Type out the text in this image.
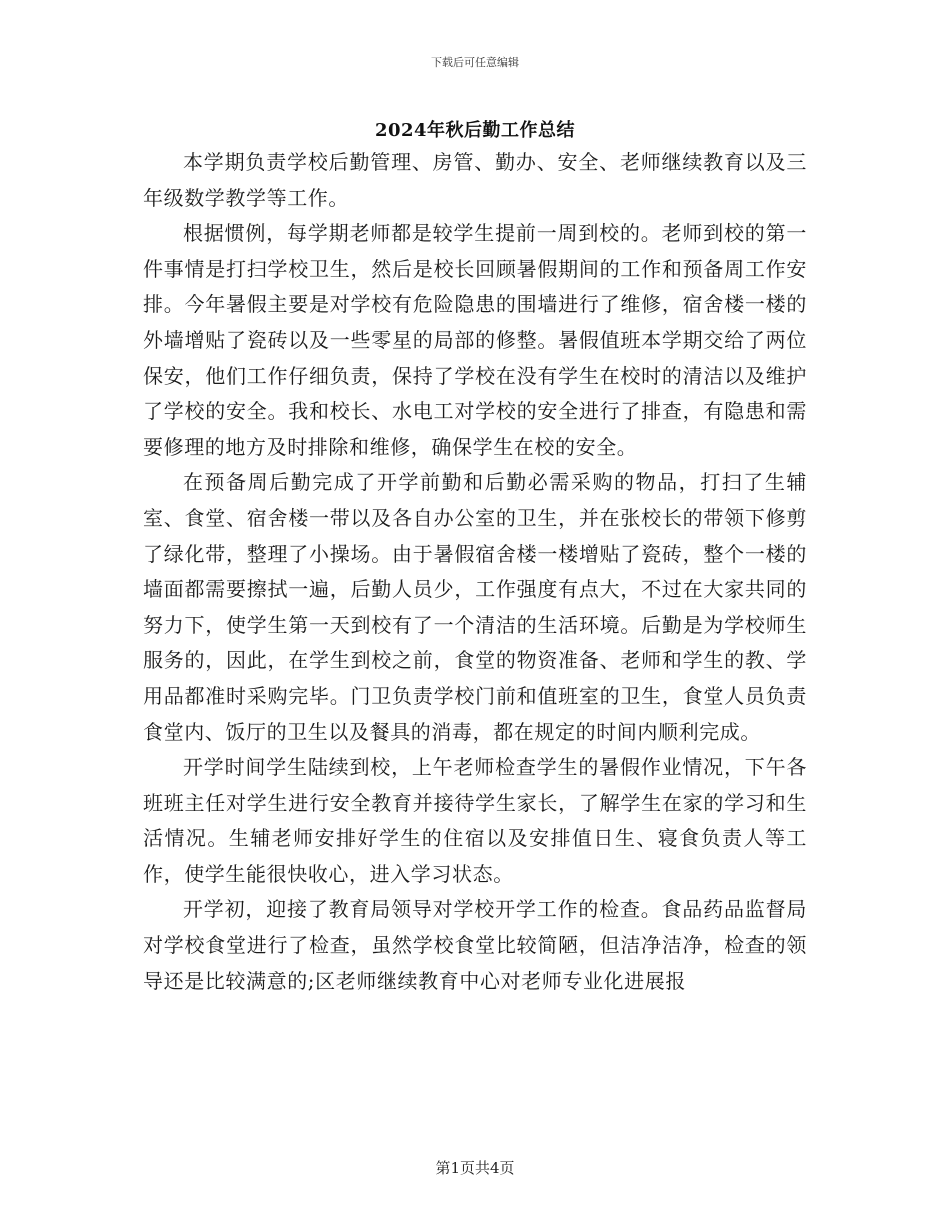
下载后可任意编辑
2024年秋后勤工作总结

本学期负责学校后勤管理、房管、勤办、安全、老师继续教育以及三年级数学教学等工作。

根据惯例，每学期老师都是较学生提前一周到校的。老师到校的第一件事情是打扫学校卫生，然后是校长回顾暑假期间的工作和预备周工作安排。今年暑假主要是对学校有危险隐患的围墙进行了维修，宿舍楼一楼的外墙增贴了瓷砖以及一些零星的局部的修整。暑假值班本学期交给了两位保安，他们工作仔细负责，保持了学校在没有学生在校时的清洁以及维护了学校的安全。我和校长、水电工对学校的安全进行了排查，有隐患和需要修理的地方及时排除和维修，确保学生在校的安全。

在预备周后勤完成了开学前勤和后勤必需采购的物品，打扫了生辅室、食堂、宿舍楼一带以及各自办公室的卫生，并在张校长的带领下修剪了绿化带，整理了小操场。由于暑假宿舍楼一楼增贴了瓷砖，整个一楼的墙面都需要擦拭一遍，后勤人员少，工作强度有点大，不过在大家共同的努力下，使学生第一天到校有了一个清洁的生活环境。后勤是为学校师生服务的，因此，在学生到校之前，食堂的物资准备、老师和学生的教、学用品都准时采购完毕。门卫负责学校门前和值班室的卫生，食堂人员负责食堂内、饭厅的卫生以及餐具的消毒，都在规定的时间内顺利完成。

开学时间学生陆续到校，上午老师检查学生的暑假作业情况，下午各班班主任对学生进行安全教育并接待学生家长，了解学生在家的学习和生活情况。生辅老师安排好学生的住宿以及安排值日生、寝食负责人等工作，使学生能很快收心，进入学习状态。

开学初，迎接了教育局领导对学校开学工作的检查。食品药品监督局对学校食堂进行了检查，虽然学校食堂比较简陋，但洁净洁净，检查的领导还是比较满意的;区老师继续教育中心对老师专业化进展报

第1页共4页
